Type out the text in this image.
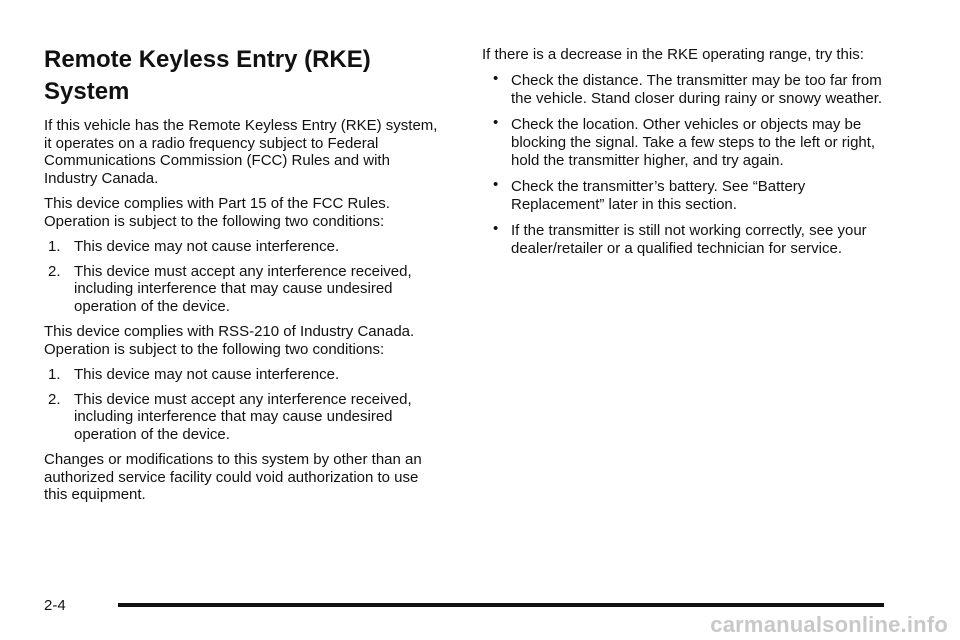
Remote Keyless Entry (RKE)
System

If this vehicle has the Remote Keyless Entry (RKE) system, it operates on a radio frequency subject to Federal Communications Commission (FCC) Rules and with Industry Canada.

This device complies with Part 15 of the FCC Rules. Operation is subject to the following two conditions:

1. This device may not cause interference.
2. This device must accept any interference received, including interference that may cause undesired operation of the device.

This device complies with RSS-210 of Industry Canada. Operation is subject to the following two conditions:

1. This device may not cause interference.
2. This device must accept any interference received, including interference that may cause undesired operation of the device.

Changes or modifications to this system by other than an authorized service facility could void authorization to use this equipment.

If there is a decrease in the RKE operating range, try this:

• Check the distance. The transmitter may be too far from the vehicle. Stand closer during rainy or snowy weather.
• Check the location. Other vehicles or objects may be blocking the signal. Take a few steps to the left or right, hold the transmitter higher, and try again.
• Check the transmitter’s battery. See “Battery Replacement” later in this section.
• If the transmitter is still not working correctly, see your dealer/retailer or a qualified technician for service.
2-4
carmanualsonline.info
